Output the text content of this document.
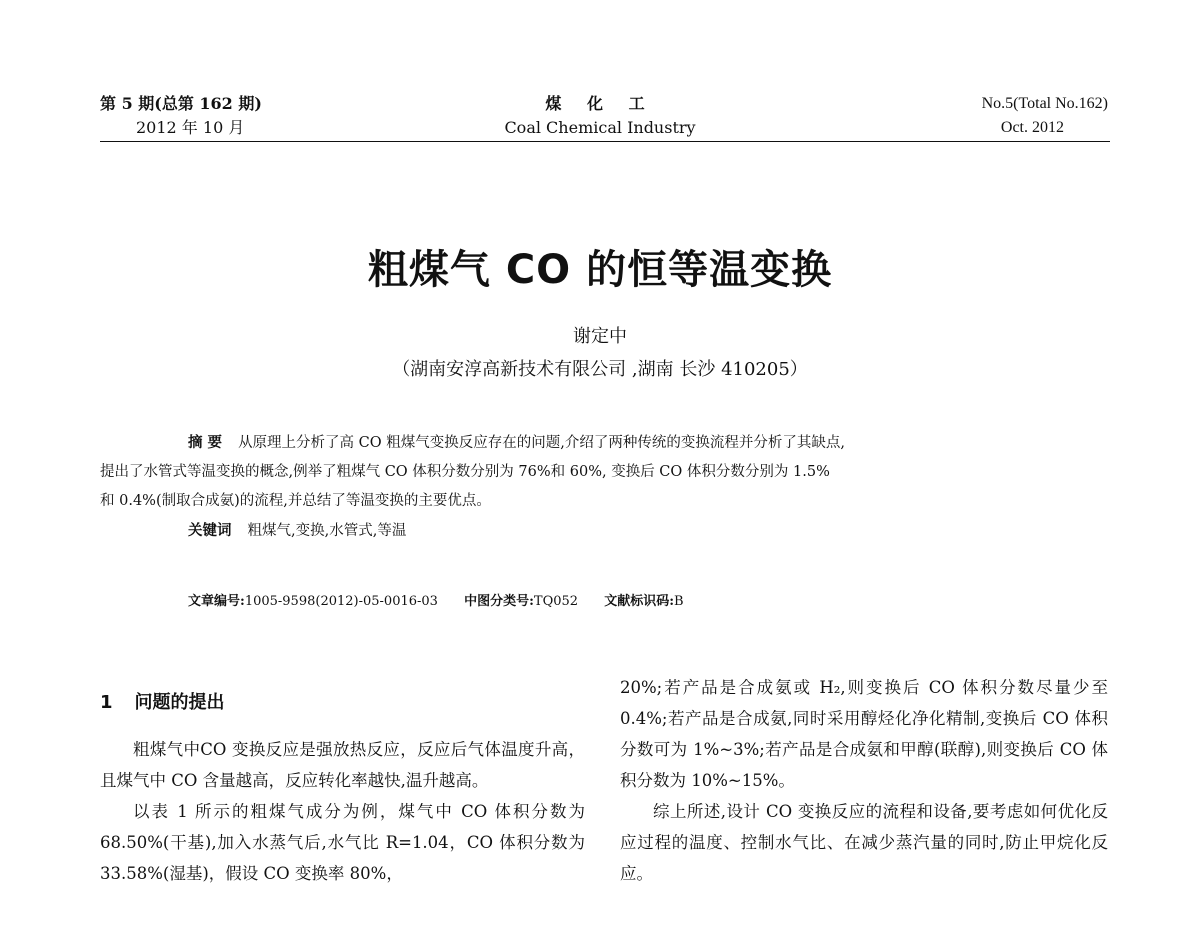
第 5 期(总第 162 期)
2012 年 10 月
煤 化 工
Coal Chemical Industry
No.5(Total No.162)
Oct. 2012
粗煤气 CO 的恒等温变换
谢定中
（湖南安淳高新技术有限公司 ,湖南 长沙 410205）

摘 要 从原理上分析了高 CO 粗煤气变换反应存在的问题,介绍了两种传统的变换流程并分析了其缺点,

提出了水管式等温变换的概念,例举了粗煤气 CO 体积分数分别为 76%和 60%, 变换后 CO 体积分数分别为 1.5%

和 0.4%(制取合成氨)的流程,并总结了等温变换的主要优点。

关键词 粗煤气,变换,水管式,等温

文章编号:1005-9598(2012)-05-0016-03 中图分类号:TQ052 文献标识码:B
1 问题的提出

粗煤气中CO 变换反应是强放热反应，反应后气体温度升高，且煤气中 CO 含量越高，反应转化率越快,温升越高。

以表 1 所示的粗煤气成分为例，煤气中 CO 体积分数为 68.50%(干基),加入水蒸气后,水气比 R=1.04，CO 体积分数为 33.58%(湿基)，假设 CO 变换率 80%，

20%;若产品是合成氨或 H₂,则变换后 CO 体积分数尽量少至 0.4%;若产品是合成氨,同时采用醇烃化净化精制,变换后 CO 体积分数可为 1%~3%;若产品是合成氨和甲醇(联醇),则变换后 CO 体积分数为 10%~15%。

综上所述,设计 CO 变换反应的流程和设备,要考虑如何优化反应过程的温度、控制水气比、在减少蒸汽量的同时,防止甲烷化反应。
